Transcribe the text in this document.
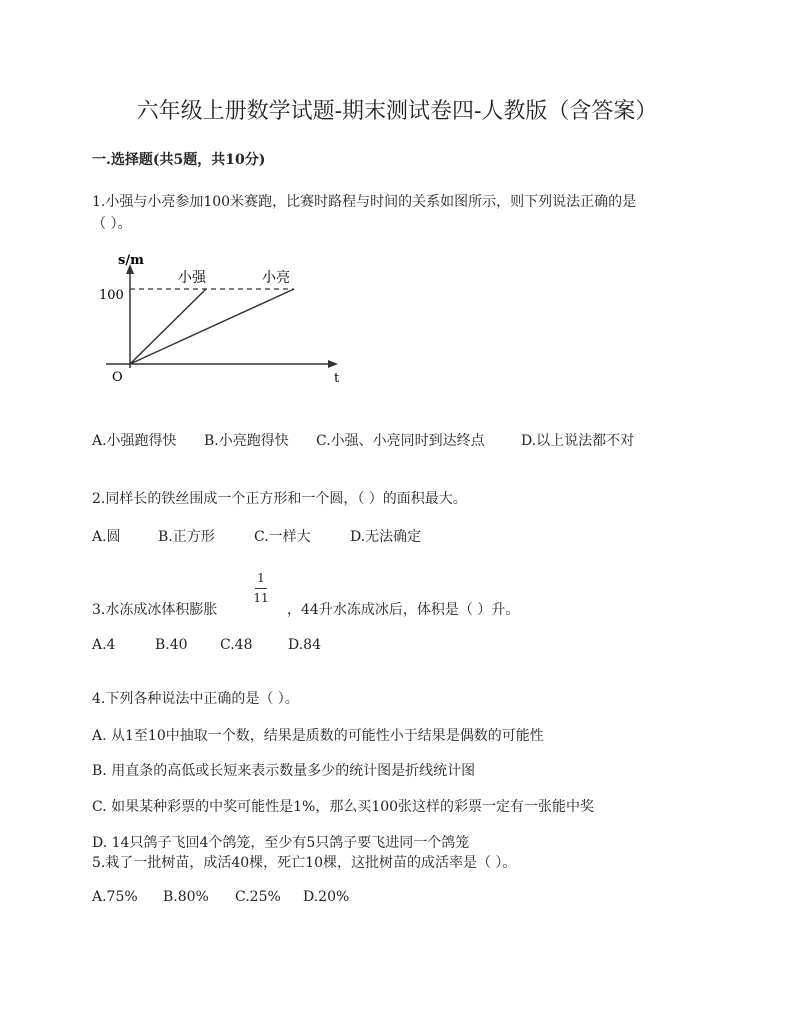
六年级上册数学试题-期末测试卷四-人教版（含答案）
一.选择题(共5题，共10分)
1.小强与小亮参加100米赛跑，比赛时路程与时间的关系如图所示，则下列说法正确的是
（ ）。
s/m
t
O
100
小强	小亮
A.小强跑得快 B.小亮跑得快 C.小强、小亮同时到达终点	D.以上说法都不对
2.同样长的铁丝围成一个正方形和一个圆，（ ）的面积最大。
A.圆	B.正方形	C.一样大	D.无法确定
3.水冻成冰体积膨胀
1
11
，44升水冻成冰后，体积是（ ）升。
A.4	B.40 C.48	D.84
4.下列各种说法中正确的是（ ）。
A. 从1至10中抽取一个数，结果是质数的可能性小于结果是偶数的可能性
B. 用直条的高低或长短来表示数量多少的统计图是折线统计图
C. 如果某种彩票的中奖可能性是1%，那么买100张这样的彩票一定有一张能中奖
D. 14只鸽子飞回4个鸽笼，至少有5只鸽子要飞进同一个鸽笼
5.栽了一批树苗，成活40棵，死亡10棵，这批树苗的成活率是（ ）。
A.75% B.80% C.25% D.20%
